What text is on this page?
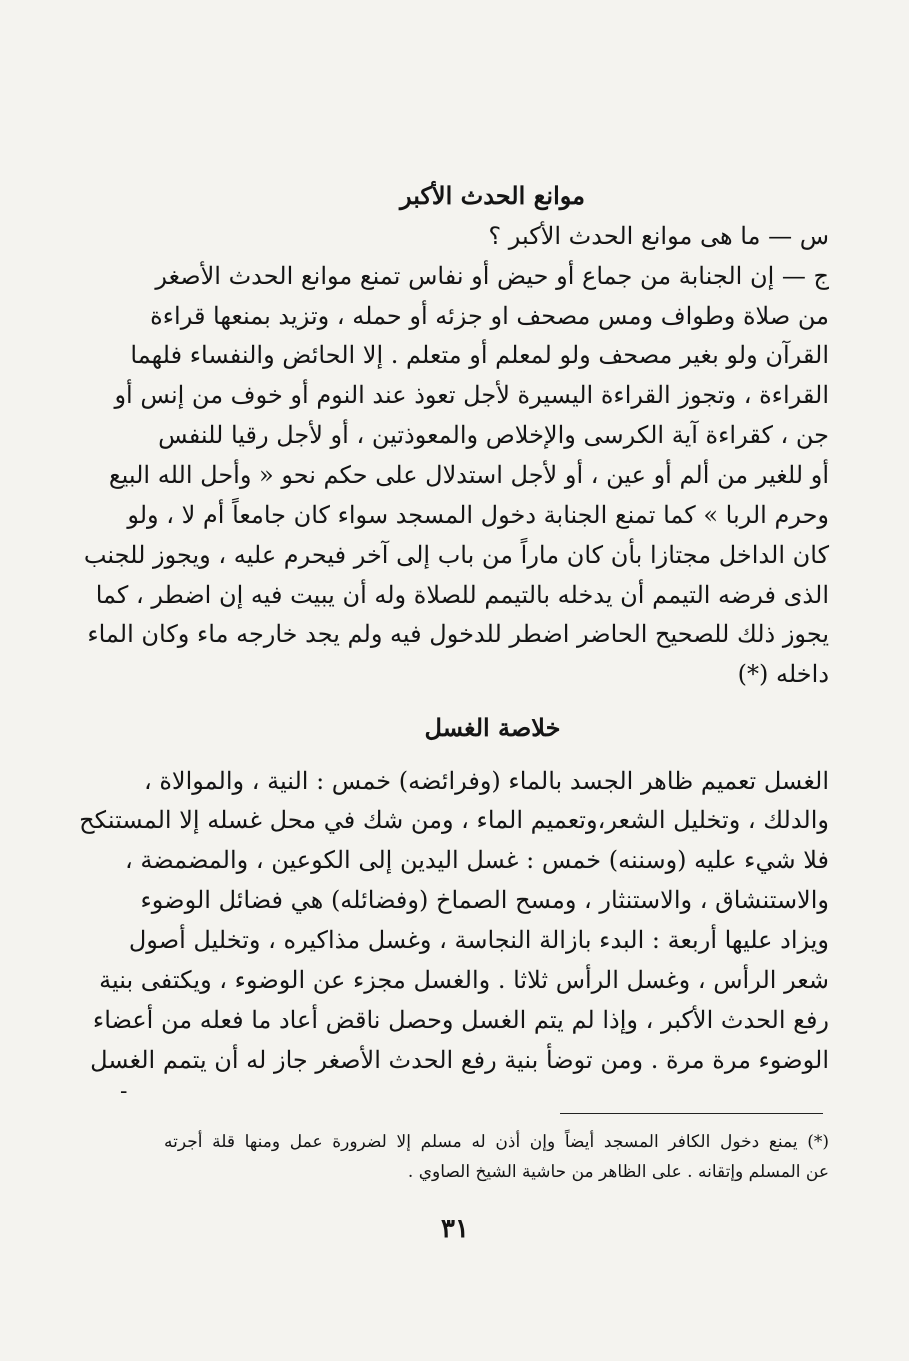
موانع الحدث الأكبر
س — ما هى موانع الحدث الأكبر ؟
ج — إن الجنابة من جماع أو حيض أو نفاس تمنع موانع الحدث الأصغر
من صلاة وطواف ومس مصحف او جزئه أو حمله ، وتزيد بمنعها قراءة
القرآن ولو بغير مصحف ولو لمعلم أو متعلم . إلا الحائض والنفساء فلهما
القراءة ، وتجوز القراءة اليسيرة لأجل تعوذ عند النوم أو خوف من إنس أو
جن ، كقراءة آية الكرسى والإخلاص والمعوذتين ، أو لأجل رقيا للنفس
أو للغير من ألم أو عين ، أو لأجل استدلال على حكم نحو « وأحل الله البيع
وحرم الربا » كما تمنع الجنابة دخول المسجد سواء كان جامعاً أم لا ، ولو
كان الداخل مجتازا بأن كان ماراً من باب إلى آخر فيحرم عليه ، ويجوز للجنب
الذى فرضه التيمم أن يدخله بالتيمم للصلاة وله أن يبيت فيه إن اضطر ، كما
يجوز ذلك للصحيح الحاضر اضطر للدخول فيه ولم يجد خارجه ماء وكان الماء
داخله (*)
خلاصة الغسل
الغسل تعميم ظاهر الجسد بالماء (وفرائضه) خمس : النية ، والموالاة ،
والدلك ، وتخليل الشعر،وتعميم الماء ، ومن شك في محل غسله إلا المستنكح
فلا شيء عليه (وسننه) خمس : غسل اليدين إلى الكوعين ، والمضمضة ،
والاستنشاق ، والاستنثار ، ومسح الصماخ (وفضائله) هي فضائل الوضوء
ويزاد عليها أربعة : البدء بازالة النجاسة ، وغسل مذاكيره ، وتخليل أصول
شعر الرأس ، وغسل الرأس ثلاثا . والغسل مجزء عن الوضوء ، ويكتفى بنية
رفع الحدث الأكبر ، وإذا لم يتم الغسل وحصل ناقض أعاد ما فعله من أعضاء
الوضوء مرة مرة . ومن توضأ بنية رفع الحدث الأصغر جاز له أن يتمم الغسل
-
(*) يمنع دخول الكافر المسجد أيضاً وإن أذن له مسلم إلا لضرورة عمل ومنها قلة أجرته
عن المسلم وإتقانه . على الظاهر من حاشية الشيخ الصاوي .
٣١
